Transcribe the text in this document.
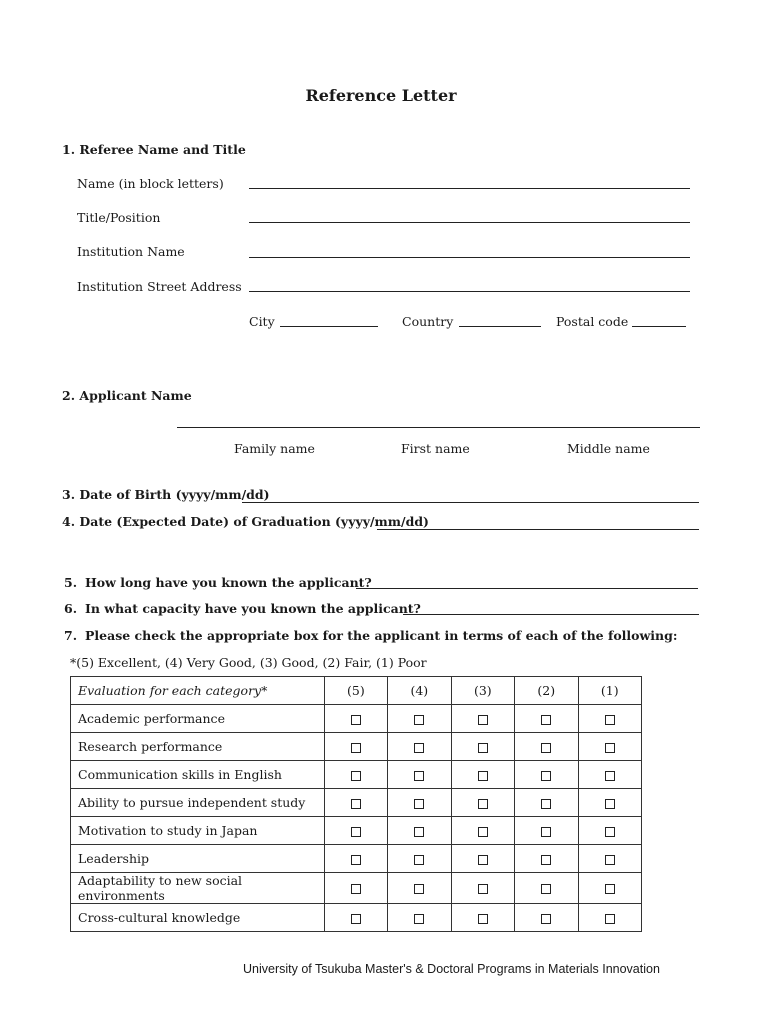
Reference Letter
1. Referee Name and Title
Name (in block letters)
Title/Position
Institution Name
Institution Street Address
City	Country	Postal code
2. Applicant Name
Family name	First name	Middle name
3. Date of Birth (yyyy/mm/dd)
4. Date (Expected Date) of Graduation (yyyy/mm/dd)
5. How long have you known the applicant?
6. In what capacity have you known the applicant?
7. Please check the appropriate box for the applicant in terms of each of the following:
*(5) Excellent, (4) Very Good, (3) Good, (2) Fair, (1) Poor
Evaluation for each category*	(5)	(4)	(3)	(2)	(1)
Academic performance					
Research performance					
Communication skills in English					
Ability to pursue independent study					
Motivation to study in Japan					
Leadership					
Adaptability to new social environments					
Cross-cultural knowledge					
University of Tsukuba Master's & Doctoral Programs in Materials Innovation
